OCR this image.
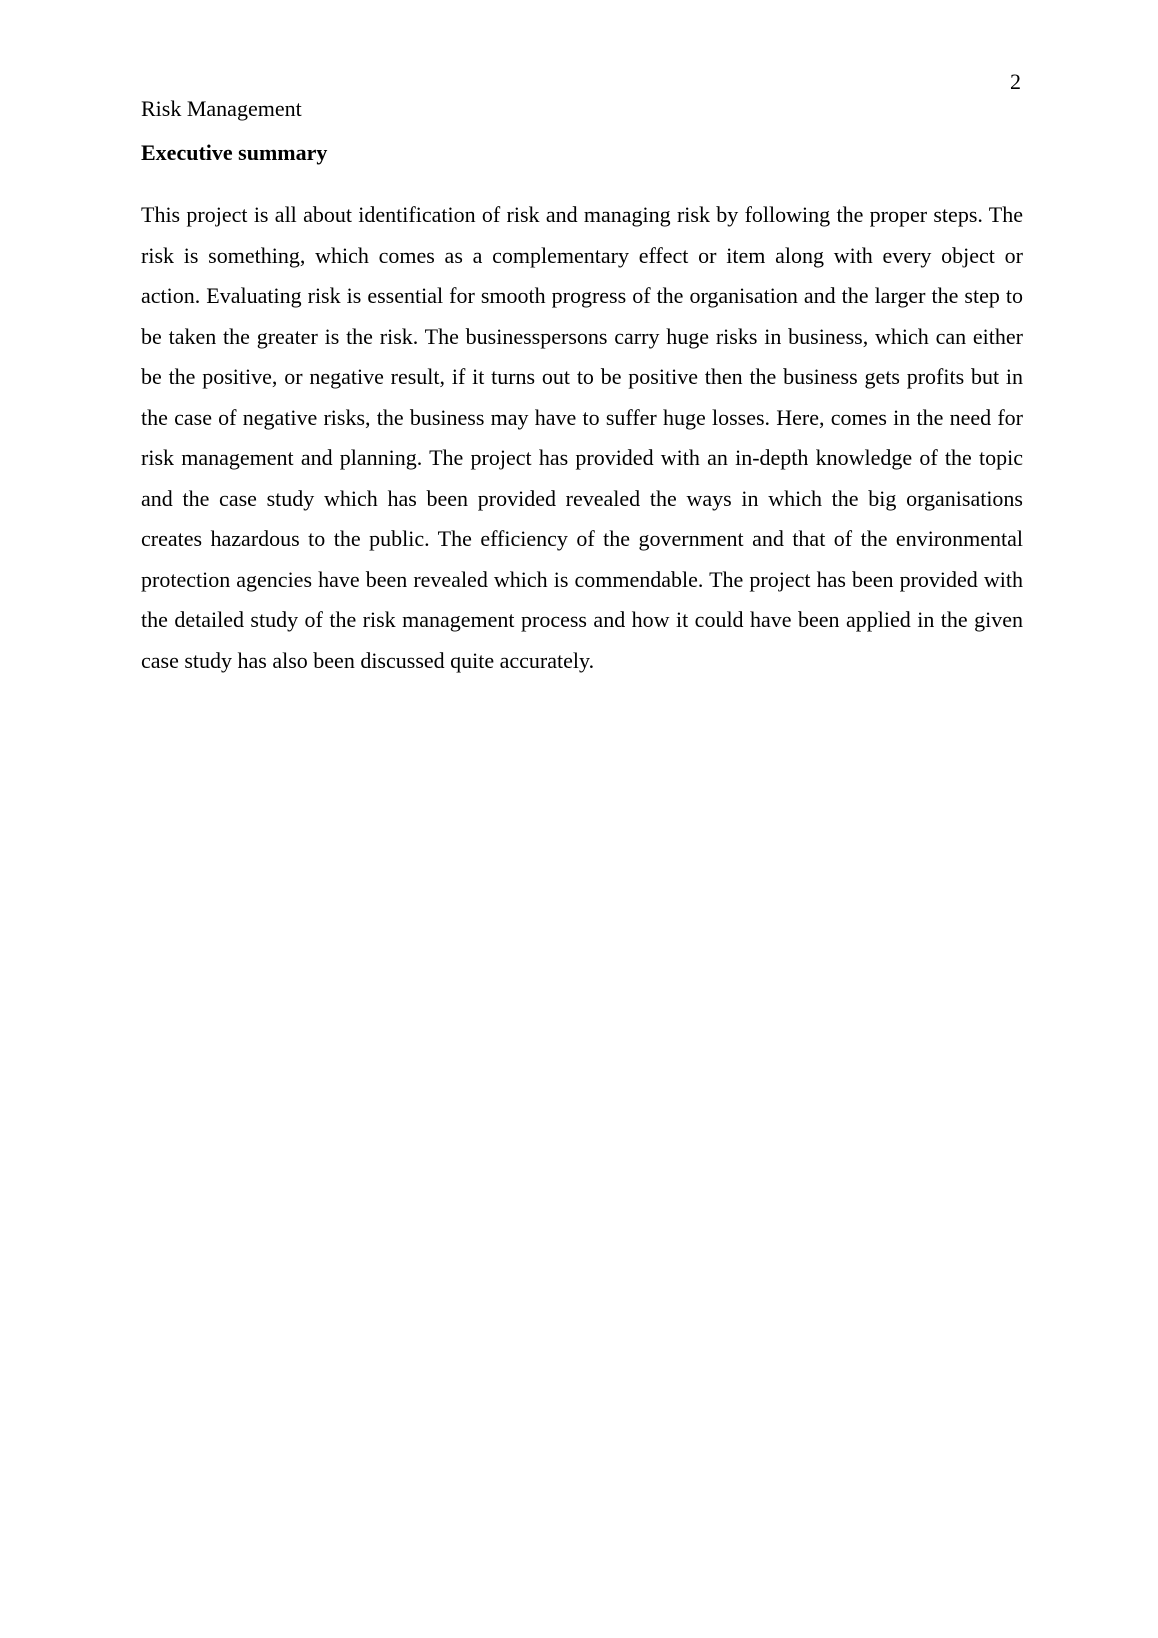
2
Risk Management
Executive summary

This project is all about identification of risk and managing risk by following the proper steps. The risk is something, which comes as a complementary effect or item along with every object or action. Evaluating risk is essential for smooth progress of the organisation and the larger the step to be taken the greater is the risk. The businesspersons carry huge risks in business, which can either be the positive, or negative result, if it turns out to be positive then the business gets profits but in the case of negative risks, the business may have to suffer huge losses. Here, comes in the need for risk management and planning. The project has provided with an in-depth knowledge of the topic and the case study which has been provided revealed the ways in which the big organisations creates hazardous to the public. The efficiency of the government and that of the environmental protection agencies have been revealed which is commendable. The project has been provided with the detailed study of the risk management process and how it could have been applied in the given case study has also been discussed quite accurately.
